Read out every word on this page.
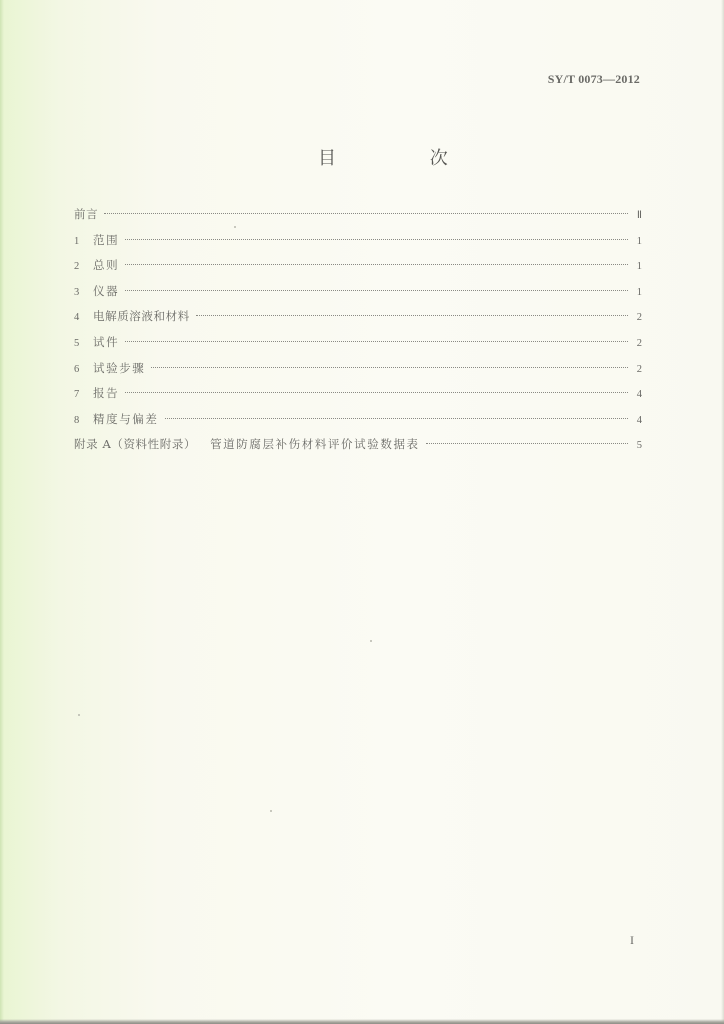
SY/T 0073—2012
目 次
前言	Ⅱ
1	范围	1
2	总则	1
3	仪器	1
4	电解质溶液和材料	2
5	试件	2
6	试验步骤	2
7	报告	4
8	精度与偏差	4
附录 A（资料性附录） 管道防腐层补伤材料评价试验数据表	5
I
